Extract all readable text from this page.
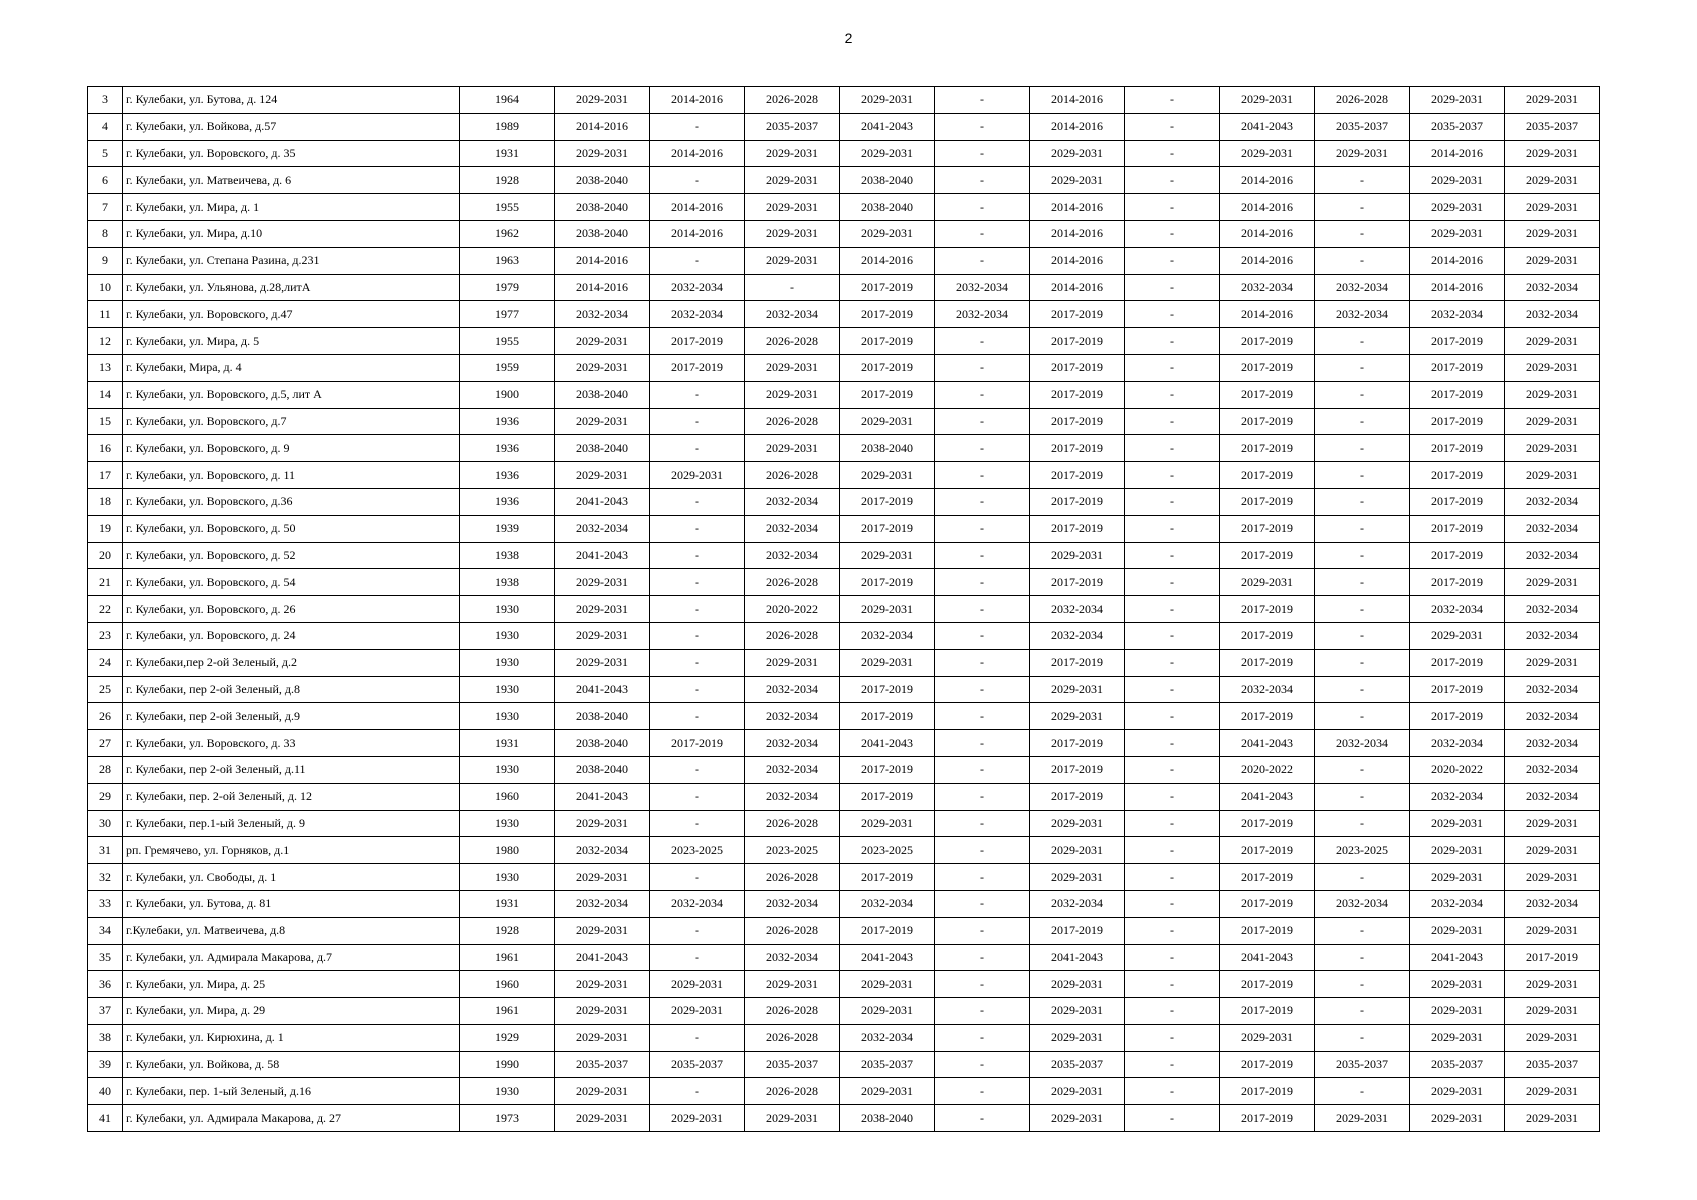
2
3	г. Кулебаки, ул. Бутова, д. 124	1964	2029-2031	2014-2016	2026-2028	2029-2031	-	2014-2016	-	2029-2031	2026-2028	2029-2031	2029-2031
4	г. Кулебаки, ул. Войкова, д.57	1989	2014-2016	-	2035-2037	2041-2043	-	2014-2016	-	2041-2043	2035-2037	2035-2037	2035-2037
5	г. Кулебаки, ул. Воровского, д. 35	1931	2029-2031	2014-2016	2029-2031	2029-2031	-	2029-2031	-	2029-2031	2029-2031	2014-2016	2029-2031
6	г. Кулебаки, ул. Матвеичева, д. 6	1928	2038-2040	-	2029-2031	2038-2040	-	2029-2031	-	2014-2016	-	2029-2031	2029-2031
7	г. Кулебаки, ул. Мира, д. 1	1955	2038-2040	2014-2016	2029-2031	2038-2040	-	2014-2016	-	2014-2016	-	2029-2031	2029-2031
8	г. Кулебаки, ул. Мира, д.10	1962	2038-2040	2014-2016	2029-2031	2029-2031	-	2014-2016	-	2014-2016	-	2029-2031	2029-2031
9	г. Кулебаки, ул. Степана Разина, д.231	1963	2014-2016	-	2029-2031	2014-2016	-	2014-2016	-	2014-2016	-	2014-2016	2029-2031
10	г. Кулебаки, ул. Ульянова, д.28,литА	1979	2014-2016	2032-2034	-	2017-2019	2032-2034	2014-2016	-	2032-2034	2032-2034	2014-2016	2032-2034
11	г. Кулебаки, ул. Воровского, д.47	1977	2032-2034	2032-2034	2032-2034	2017-2019	2032-2034	2017-2019	-	2014-2016	2032-2034	2032-2034	2032-2034
12	г. Кулебаки, ул. Мира, д. 5	1955	2029-2031	2017-2019	2026-2028	2017-2019	-	2017-2019	-	2017-2019	-	2017-2019	2029-2031
13	г. Кулебаки, Мира, д. 4	1959	2029-2031	2017-2019	2029-2031	2017-2019	-	2017-2019	-	2017-2019	-	2017-2019	2029-2031
14	г. Кулебаки, ул. Воровского, д.5, лит А	1900	2038-2040	-	2029-2031	2017-2019	-	2017-2019	-	2017-2019	-	2017-2019	2029-2031
15	г. Кулебаки, ул. Воровского, д.7	1936	2029-2031	-	2026-2028	2029-2031	-	2017-2019	-	2017-2019	-	2017-2019	2029-2031
16	г. Кулебаки, ул. Воровского, д. 9	1936	2038-2040	-	2029-2031	2038-2040	-	2017-2019	-	2017-2019	-	2017-2019	2029-2031
17	г. Кулебаки, ул. Воровского, д. 11	1936	2029-2031	2029-2031	2026-2028	2029-2031	-	2017-2019	-	2017-2019	-	2017-2019	2029-2031
18	г. Кулебаки, ул. Воровского, д.36	1936	2041-2043	-	2032-2034	2017-2019	-	2017-2019	-	2017-2019	-	2017-2019	2032-2034
19	г. Кулебаки, ул. Воровского, д. 50	1939	2032-2034	-	2032-2034	2017-2019	-	2017-2019	-	2017-2019	-	2017-2019	2032-2034
20	г. Кулебаки, ул. Воровского, д. 52	1938	2041-2043	-	2032-2034	2029-2031	-	2029-2031	-	2017-2019	-	2017-2019	2032-2034
21	г. Кулебаки, ул. Воровского, д. 54	1938	2029-2031	-	2026-2028	2017-2019	-	2017-2019	-	2029-2031	-	2017-2019	2029-2031
22	г. Кулебаки, ул. Воровского, д. 26	1930	2029-2031	-	2020-2022	2029-2031	-	2032-2034	-	2017-2019	-	2032-2034	2032-2034
23	г. Кулебаки, ул. Воровского, д. 24	1930	2029-2031	-	2026-2028	2032-2034	-	2032-2034	-	2017-2019	-	2029-2031	2032-2034
24	г. Кулебаки,пер 2-ой Зеленый, д.2	1930	2029-2031	-	2029-2031	2029-2031	-	2017-2019	-	2017-2019	-	2017-2019	2029-2031
25	г. Кулебаки, пер 2-ой Зеленый, д.8	1930	2041-2043	-	2032-2034	2017-2019	-	2029-2031	-	2032-2034	-	2017-2019	2032-2034
26	г. Кулебаки, пер 2-ой Зеленый, д.9	1930	2038-2040	-	2032-2034	2017-2019	-	2029-2031	-	2017-2019	-	2017-2019	2032-2034
27	г. Кулебаки, ул. Воровского, д. 33	1931	2038-2040	2017-2019	2032-2034	2041-2043	-	2017-2019	-	2041-2043	2032-2034	2032-2034	2032-2034
28	г. Кулебаки, пер 2-ой Зеленый, д.11	1930	2038-2040	-	2032-2034	2017-2019	-	2017-2019	-	2020-2022	-	2020-2022	2032-2034
29	г. Кулебаки, пер. 2-ой Зеленый, д. 12	1960	2041-2043	-	2032-2034	2017-2019	-	2017-2019	-	2041-2043	-	2032-2034	2032-2034
30	г. Кулебаки, пер.1-ый Зеленый, д. 9	1930	2029-2031	-	2026-2028	2029-2031	-	2029-2031	-	2017-2019	-	2029-2031	2029-2031
31	рп. Гремячево, ул. Горняков, д.1	1980	2032-2034	2023-2025	2023-2025	2023-2025	-	2029-2031	-	2017-2019	2023-2025	2029-2031	2029-2031
32	г. Кулебаки, ул. Свободы, д. 1	1930	2029-2031	-	2026-2028	2017-2019	-	2029-2031	-	2017-2019	-	2029-2031	2029-2031
33	г. Кулебаки, ул. Бутова, д. 81	1931	2032-2034	2032-2034	2032-2034	2032-2034	-	2032-2034	-	2017-2019	2032-2034	2032-2034	2032-2034
34	г.Кулебаки, ул. Матвеичева, д.8	1928	2029-2031	-	2026-2028	2017-2019	-	2017-2019	-	2017-2019	-	2029-2031	2029-2031
35	г. Кулебаки, ул. Адмирала Макарова, д.7	1961	2041-2043	-	2032-2034	2041-2043	-	2041-2043	-	2041-2043	-	2041-2043	2017-2019
36	г. Кулебаки, ул. Мира, д. 25	1960	2029-2031	2029-2031	2029-2031	2029-2031	-	2029-2031	-	2017-2019	-	2029-2031	2029-2031
37	г. Кулебаки, ул. Мира, д. 29	1961	2029-2031	2029-2031	2026-2028	2029-2031	-	2029-2031	-	2017-2019	-	2029-2031	2029-2031
38	г. Кулебаки, ул. Кирюхина, д. 1	1929	2029-2031	-	2026-2028	2032-2034	-	2029-2031	-	2029-2031	-	2029-2031	2029-2031
39	г. Кулебаки, ул. Войкова, д. 58	1990	2035-2037	2035-2037	2035-2037	2035-2037	-	2035-2037	-	2017-2019	2035-2037	2035-2037	2035-2037
40	г. Кулебаки, пер. 1-ый Зеленый, д.16	1930	2029-2031	-	2026-2028	2029-2031	-	2029-2031	-	2017-2019	-	2029-2031	2029-2031
41	г. Кулебаки, ул. Адмирала Макарова, д. 27	1973	2029-2031	2029-2031	2029-2031	2038-2040	-	2029-2031	-	2017-2019	2029-2031	2029-2031	2029-2031
